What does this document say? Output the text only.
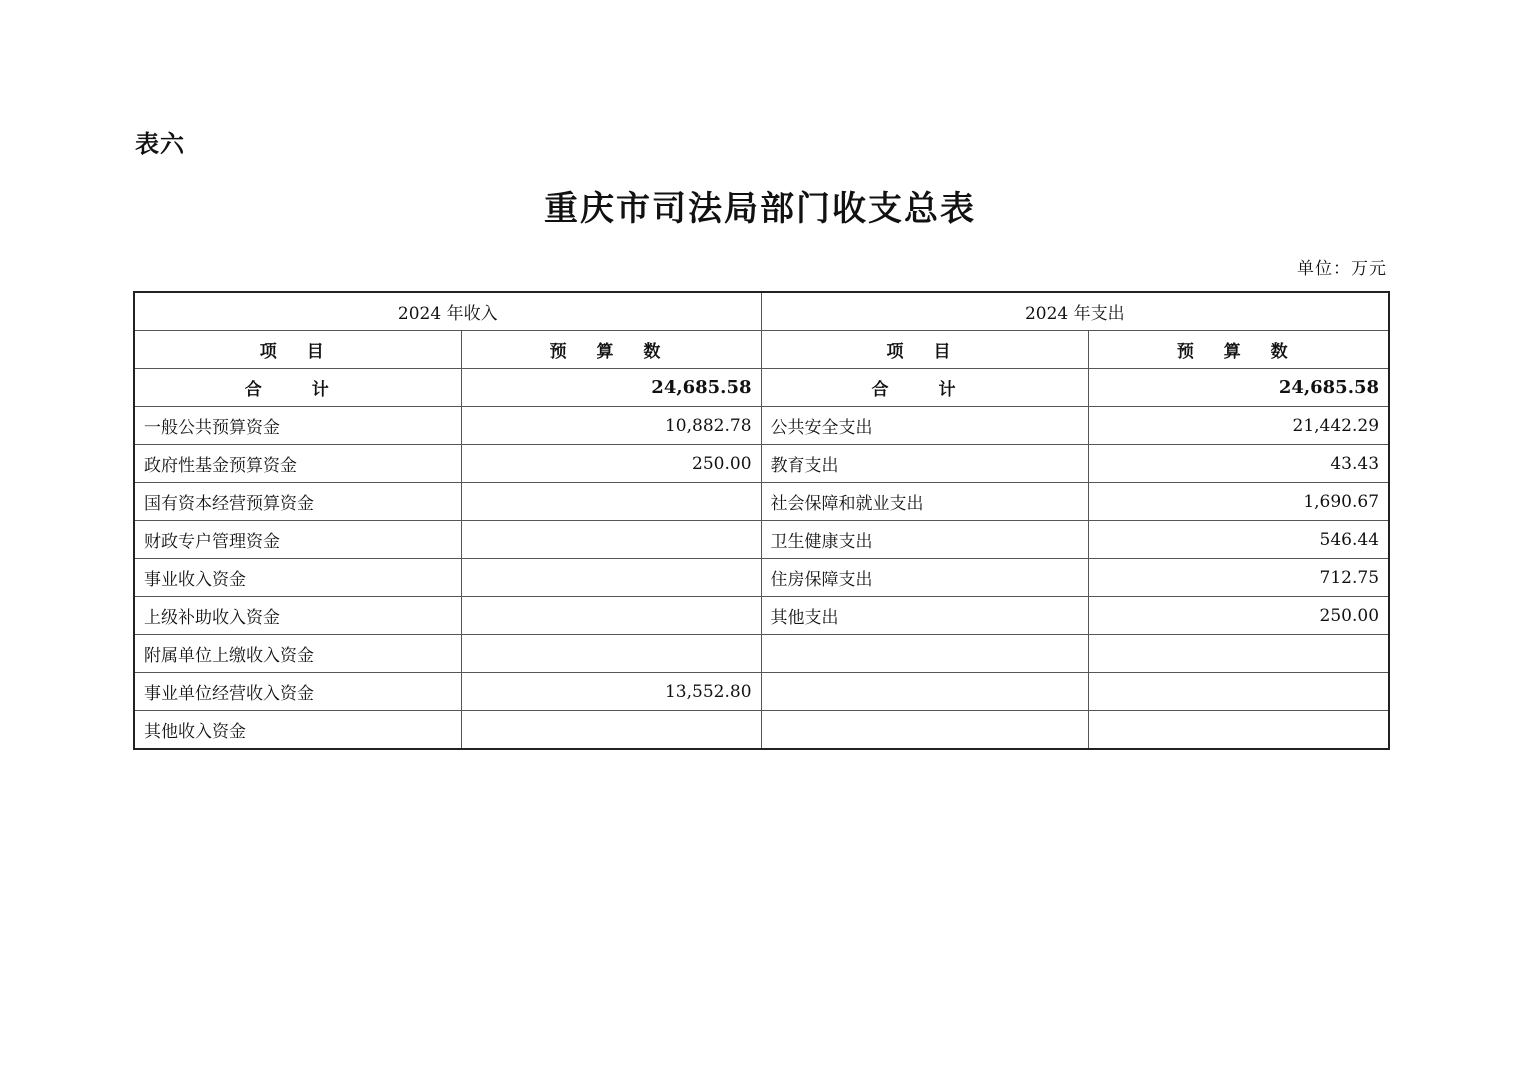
表六
重庆市司法局部门收支总表
单位：万元
2024 年收入		2024 年支出	
项 目	预 算 数	项 目	预 算 数
合 计	24,685.58	合 计	24,685.58
一般公共预算资金	10,882.78	公共安全支出	21,442.29
政府性基金预算资金	250.00	教育支出	43.43
国有资本经营预算资金		社会保障和就业支出	1,690.67
财政专户管理资金		卫生健康支出	546.44
事业收入资金		住房保障支出	712.75
上级补助收入资金		其他支出	250.00
附属单位上缴收入资金			
事业单位经营收入资金	13,552.80		
其他收入资金			
